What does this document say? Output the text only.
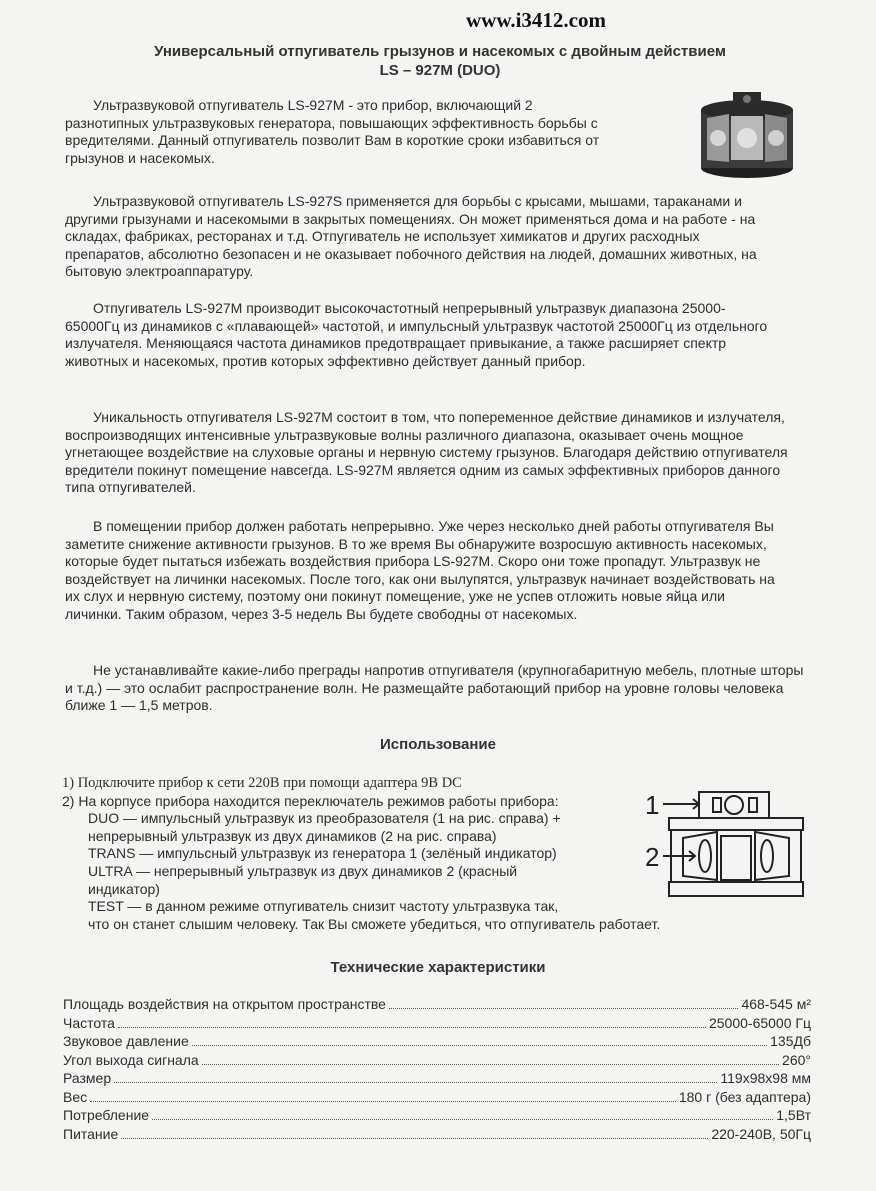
www.i3412.com
Универсальный отпугиватель грызунов и насекомых с двойным действием
LS – 927M (DUO)
Ультразвуковой отпугиватель LS-927M - это прибор, включающий 2
разнотипных ультразвуковых генератора, повышающих эффективность борьбы с
вредителями. Данный отпугиватель позволит Вам в короткие сроки избавиться от
грызунов и насекомых.

Ультразвуковой отпугиватель LS-927S применяется для борьбы с крысами, мышами, тараканами и другими грызунами и насекомыми в закрытых помещениях. Он может применяться дома и на работе - на складах, фабриках, ресторанах и т.д. Отпугиватель не использует химикатов и других расходных препаратов, абсолютно безопасен и не оказывает побочного действия на людей, домашних животных, на бытовую электроаппаратуру.

Отпугиватель LS-927M производит высокочастотный непрерывный ультразвук диапазона 25000-65000Гц из динамиков с «плавающей» частотой, и импульсный ультразвук частотой 25000Гц из отдельного излучателя. Меняющаяся частота динамиков предотвращает привыкание, а также расширяет спектр животных и насекомых, против которых эффективно действует данный прибор.

Уникальность отпугивателя LS-927M состоит в том, что попеременное действие динамиков и излучателя, воспроизводящих интенсивные ультразвуковые волны различного диапазона, оказывает очень мощное угнетающее воздействие на слуховые органы и нервную систему грызунов. Благодаря действию отпугивателя вредители покинут помещение навсегда. LS-927M является одним из самых эффективных приборов данного типа отпугивателей.

В помещении прибор должен работать непрерывно. Уже через несколько дней работы отпугивателя Вы заметите снижение активности грызунов. В то же время Вы обнаружите возросшую активность насекомых, которые будет пытаться избежать воздействия прибора LS-927M. Скоро они тоже пропадут. Ультразвук не воздействует на личинки насекомых. После того, как они вылупятся, ультразвук начинает воздействовать на их слух и нервную систему, поэтому они покинут помещение, уже не успев отложить новые яйца или личинки. Таким образом, через 3-5 недель Вы будете свободны от насекомых.

Не устанавливайте какие-либо преграды напротив отпугивателя (крупногабаритную мебель, плотные шторы и т.д.) — это ослабит распространение волн. Не размещайте работающий прибор на уровне головы человека ближе 1 — 1,5 метров.

Использование
1) Подключите прибор к сети 220В при помощи адаптера 9В DC
2) На корпусе прибора находится переключатель режимов работы прибора:
DUO — импульсный ультразвук из преобразователя (1 на рис. справа) +
непрерывный ультразвук из двух динамиков (2 на рис. справа)
TRANS — импульсный ультразвук из генератора 1 (зелёный индикатор)
ULTRA — непрерывный ультразвук из двух динамиков 2 (красный
индикатор)
TEST — в данном режиме отпугиватель снизит частоту ультразвука так,
что он станет слышим человеку. Так Вы сможете убедиться, что отпугиватель работает.
1
2
Технические характеристики
Площадь воздействия на открытом пространстве	468-545 м²
Частота	25000-65000 Гц
Звуковое давление	135Дб
Угол выхода сигнала	260°
Размер	119x98x98 мм
Вес	180 г (без адаптера)
Потребление	1,5Вт
Питание	220-240В, 50Гц
